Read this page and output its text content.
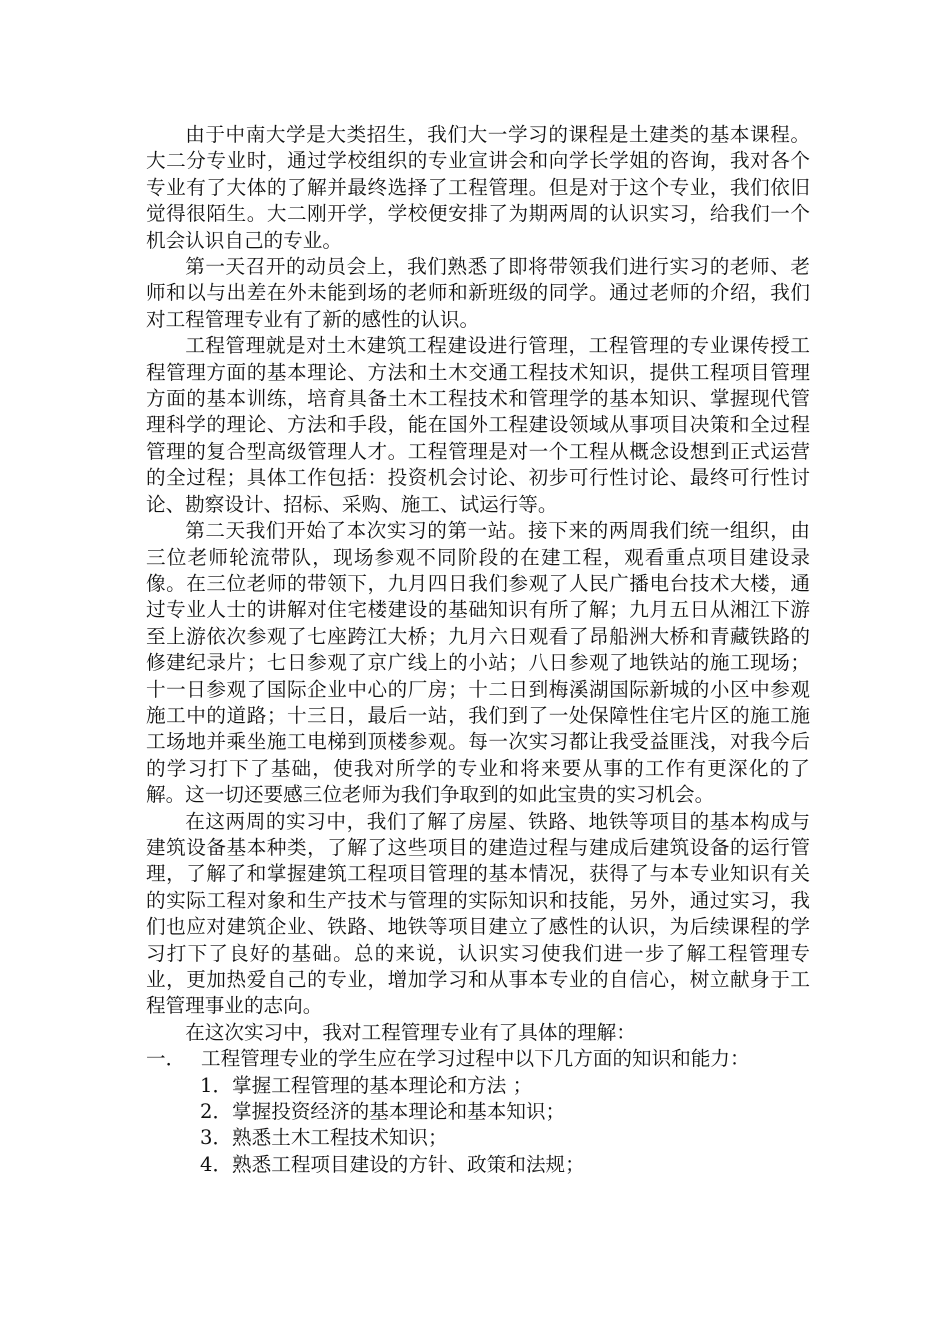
由于中南大学是大类招生，我们大一学习的课程是土建类的基本课程。大二分专业时，通过学校组织的专业宣讲会和向学长学姐的咨询，我对各个专业有了大体的了解并最终选择了工程管理。但是对于这个专业，我们依旧觉得很陌生。大二刚开学，学校便安排了为期两周的认识实习，给我们一个机会认识自己的专业。

第一天召开的动员会上，我们熟悉了即将带领我们进行实习的老师、老师和以与出差在外未能到场的老师和新班级的同学。通过老师的介绍，我们对工程管理专业有了新的感性的认识。

工程管理就是对土木建筑工程建设进行管理，工程管理的专业课传授工程管理方面的基本理论、方法和土木交通工程技术知识，提供工程项目管理方面的基本训练，培育具备土木工程技术和管理学的基本知识、掌握现代管理科学的理论、方法和手段，能在国外工程建设领域从事项目决策和全过程管理的复合型高级管理人才。工程管理是对一个工程从概念设想到正式运营的全过程；具体工作包括：投资机会讨论、初步可行性讨论、最终可行性讨论、勘察设计、招标、采购、施工、试运行等。

第二天我们开始了本次实习的第一站。接下来的两周我们统一组织，由三位老师轮流带队，现场参观不同阶段的在建工程，观看重点项目建设录像。在三位老师的带领下，九月四日我们参观了人民广播电台技术大楼，通过专业人士的讲解对住宅楼建设的基础知识有所了解；九月五日从湘江下游至上游依次参观了七座跨江大桥；九月六日观看了昂船洲大桥和青藏铁路的修建纪录片；七日参观了京广线上的小站；八日参观了地铁站的施工现场；十一日参观了国际企业中心的厂房；十二日到梅溪湖国际新城的小区中参观施工中的道路；十三日，最后一站，我们到了一处保障性住宅片区的施工施工场地并乘坐施工电梯到顶楼参观。每一次实习都让我受益匪浅，对我今后的学习打下了基础，使我对所学的专业和将来要从事的工作有更深化的了解。这一切还要感三位老师为我们争取到的如此宝贵的实习机会。

在这两周的实习中，我们了解了房屋、铁路、地铁等项目的基本构成与建筑设备基本种类，了解了这些项目的建造过程与建成后建筑设备的运行管理，了解了和掌握建筑工程项目管理的基本情况，获得了与本专业知识有关的实际工程对象和生产技术与管理的实际知识和技能，另外，通过实习，我们也应对建筑企业、铁路、地铁等项目建立了感性的认识，为后续课程的学习打下了良好的基础。总的来说，认识实习使我们进一步了解工程管理专业，更加热爱自己的专业，增加学习和从事本专业的自信心，树立献身于工程管理事业的志向。

在这次实习中，我对工程管理专业有了具体的理解：

一． 工程管理专业的学生应在学习过程中以下几方面的知识和能力：

1．掌握工程管理的基本理论和方法 ；

2．掌握投资经济的基本理论和基本知识；

3．熟悉土木工程技术知识；

4．熟悉工程项目建设的方针、政策和法规；
